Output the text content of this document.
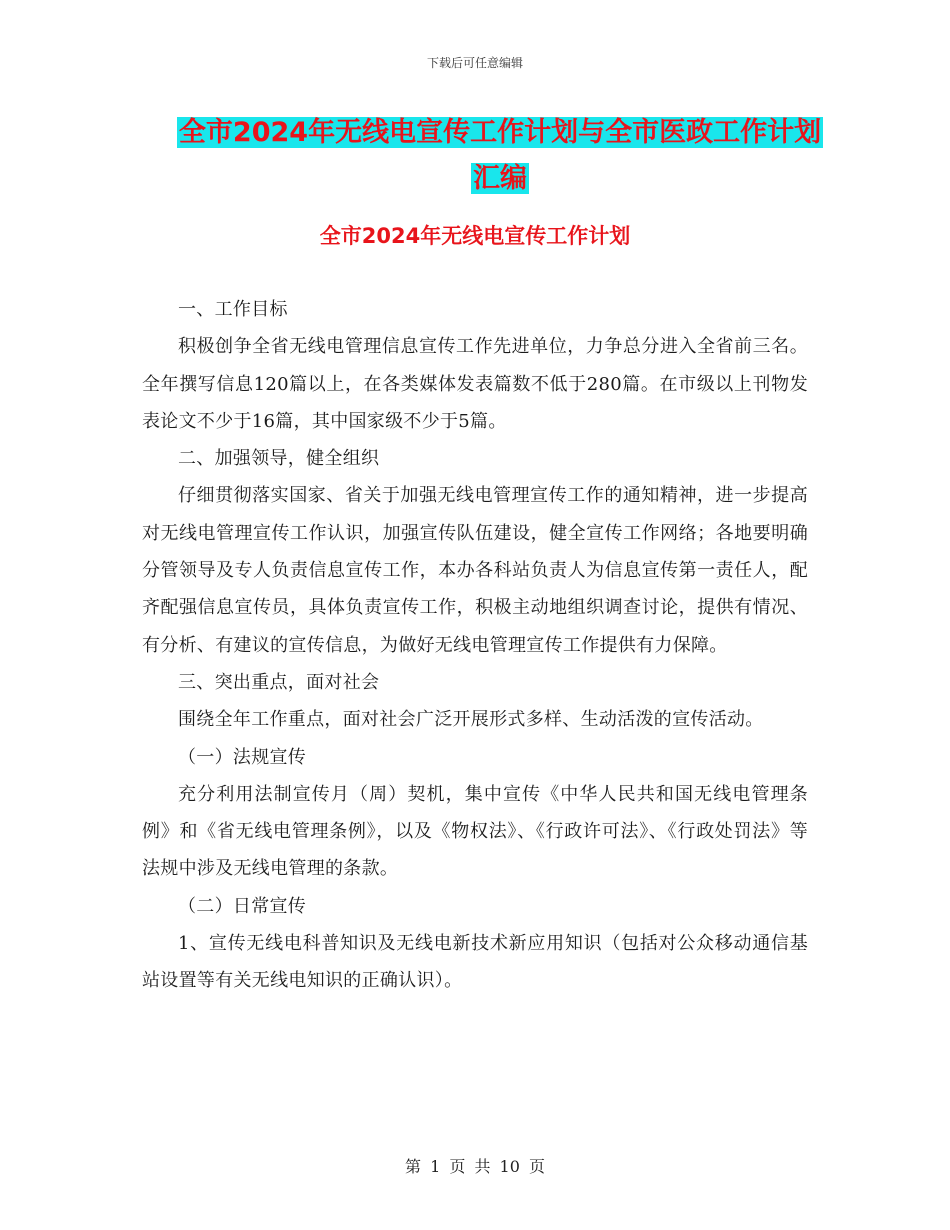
下载后可任意编辑
全市2024年无线电宣传工作计划与全市医政工作计划
汇编
全市2024年无线电宣传工作计划

一、工作目标

积极创争全省无线电管理信息宣传工作先进单位，力争总分进入全省前三名。全年撰写信息120篇以上，在各类媒体发表篇数不低于280篇。在市级以上刊物发表论文不少于16篇，其中国家级不少于5篇。

二、加强领导，健全组织

仔细贯彻落实国家、省关于加强无线电管理宣传工作的通知精神，进一步提高对无线电管理宣传工作认识，加强宣传队伍建设，健全宣传工作网络；各地要明确分管领导及专人负责信息宣传工作，本办各科站负责人为信息宣传第一责任人，配齐配强信息宣传员，具体负责宣传工作，积极主动地组织调查讨论，提供有情况、有分析、有建议的宣传信息，为做好无线电管理宣传工作提供有力保障。

三、突出重点，面对社会

围绕全年工作重点，面对社会广泛开展形式多样、生动活泼的宣传活动。

（一）法规宣传

充分利用法制宣传月（周）契机，集中宣传《中华人民共和国无线电管理条例》和《省无线电管理条例》，以及《物权法》、《行政许可法》、《行政处罚法》等法规中涉及无线电管理的条款。

（二）日常宣传

1、宣传无线电科普知识及无线电新技术新应用知识（包括对公众移动通信基站设置等有关无线电知识的正确认识）。

第 1 页 共 10 页
